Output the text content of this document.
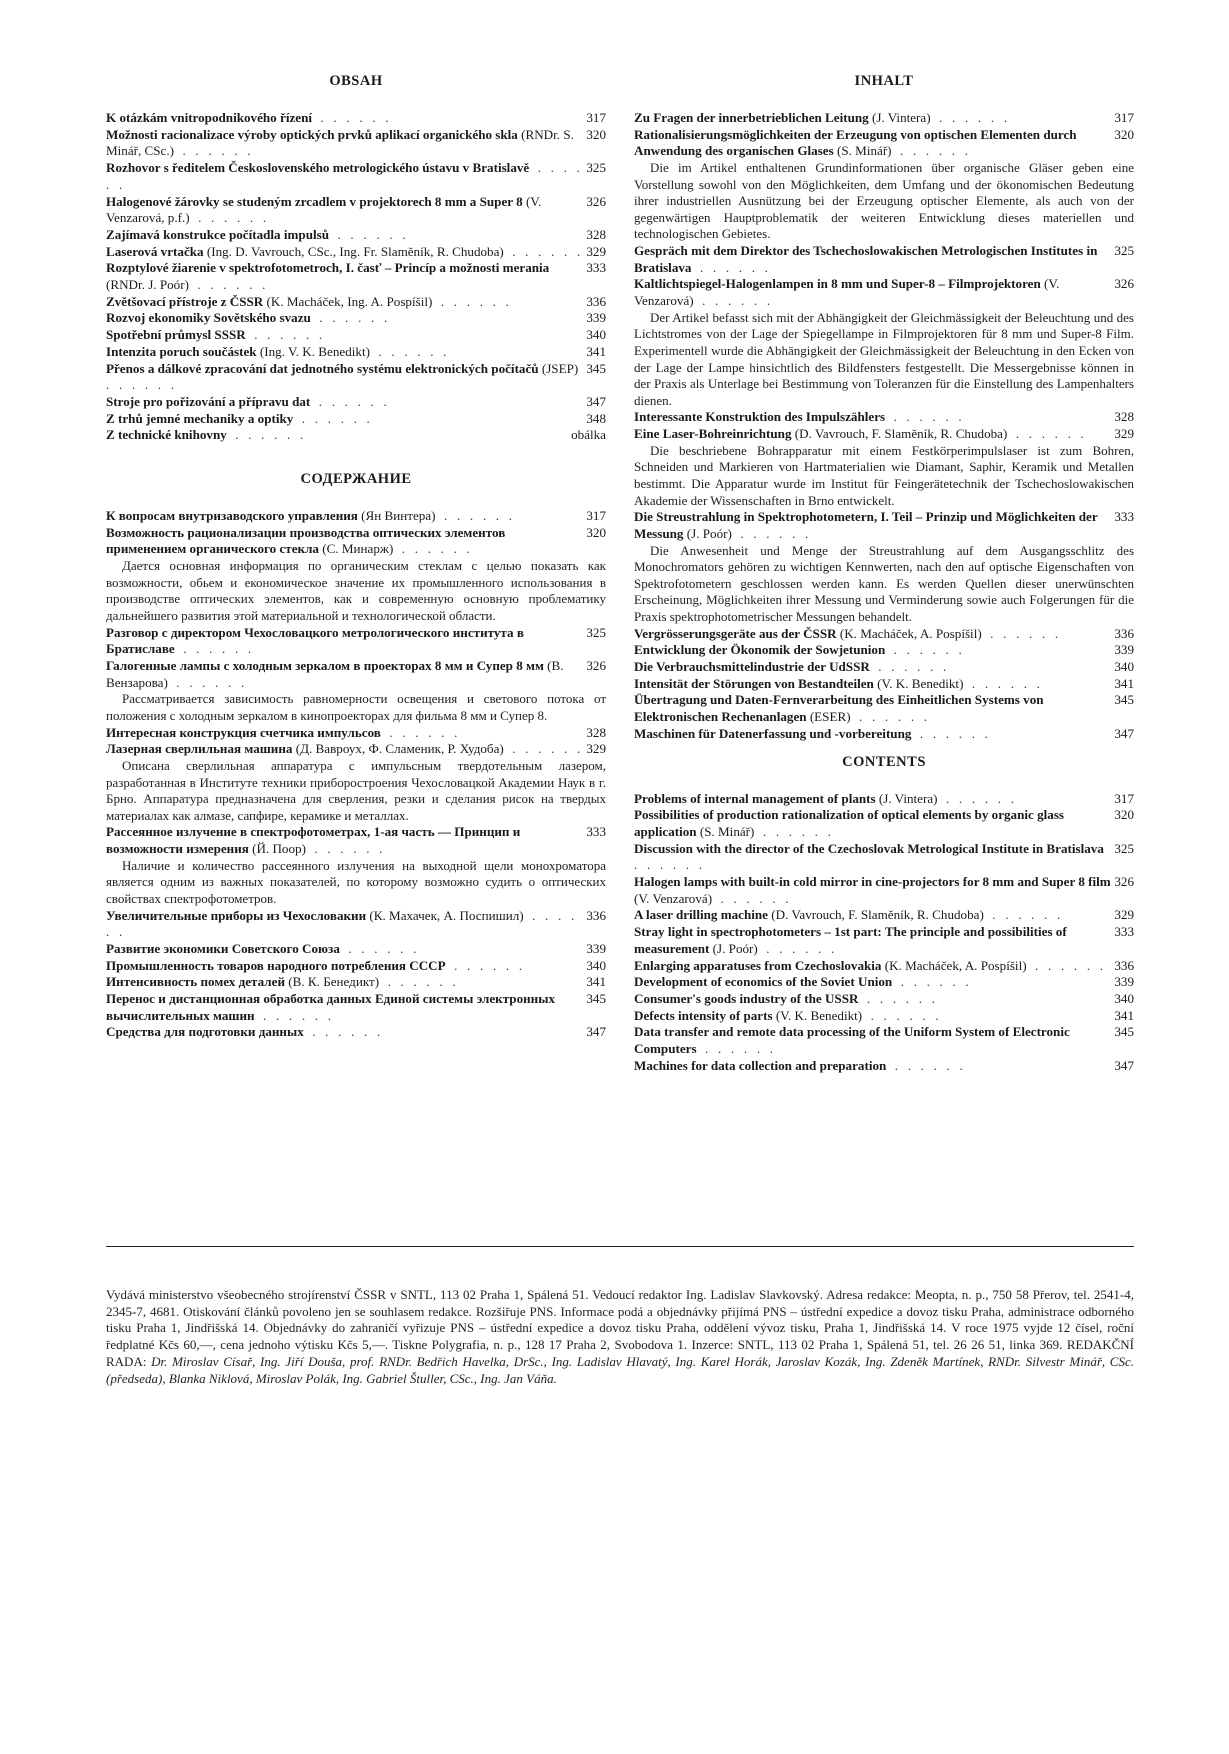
OBSAH
317
K otázkám vnitropodnikového řízení . . . . . .
320
Možnosti racionalizace výroby optických prvků aplikací organického skla (RNDr. S. Minář, CSc.) . . . . . .
325
Rozhovor s ředitelem Československého metrologického ústavu v Bratislavě . . . . . .
326
Halogenové žárovky se studeným zrcadlem v projektorech 8 mm a Super 8 (V. Venzarová, p.f.) . . . . . .
328
Zajímavá konstrukce počítadla impulsů . . . . . .
329
Laserová vrtačka (Ing. D. Vavrouch, CSc., Ing. Fr. Slaměník, R. Chudoba) . . . . . .
333
Rozptylové žiarenie v spektrofotometroch, I. časť – Princíp a možnosti merania (RNDr. J. Poór) . . . . . .
336
Zvětšovací přístroje z ČSSR (K. Macháček, Ing. A. Pospíšil) . . . . . .
339
Rozvoj ekonomiky Sovětského svazu . . . . . .
340
Spotřební průmysl SSSR . . . . . .
341
Intenzita poruch součástek (Ing. V. K. Benedikt) . . . . . .
345
Přenos a dálkové zpracování dat jednotného systému elektronických počítačů (JSEP) . . . . . .
347
Stroje pro pořizování a přípravu dat . . . . . .
348
Z trhů jemné mechaniky a optiky . . . . . .
obálka
Z technické knihovny . . . . . .
СОДЕРЖАНИЕ
317
К вопросам внутризаводского управления (Ян Винтера) . . . . . .
320
Возможность рационализации производства оптических элементов применением органического стекла (С. Минарж) . . . . . .

Дается основная информация по органическим стеклам с целью показать как возможности, обьем и економическое значение их промышленного использования в производстве оптических элементов, как и современную основную проблематику дальнейшего развития этой материальной и технологической области.

325
Разговор с директором Чехословацкого метрологического института в Братиславе . . . . . .
326
Галогенные лампы с холодным зеркалом в проекторах 8 мм и Супер 8 мм (В. Вензарова) . . . . . .

Рассматривается зависимость равномерности освещения и светового потока от положения с холодным зеркалом в кинопроекторах для фильма 8 мм и Супер 8.

328
Интересная конструкция счетчика импульсов . . . . . .
329
Лазерная сверлильная машина (Д. Вавроух, Ф. Сламеник, Р. Худоба) . . . . . .

Описана сверлильная аппаратура с импульсным твердотельным лазером, разработанная в Институте техники приборостроения Чехословацкой Академии Наук в г. Брно. Аппаратура предназначена для сверления, резки и сделания рисок на твердых материалах как алмазе, сапфире, керамике и металлах.

333
Рассеянное излучение в спектрофотометрах, 1-ая часть — Принцип и возможности измерения (Й. Поор) . . . . . .

Наличие и количество рассеянного излучения на выходной щели монохроматора является одним из важных показателей, по которому возможно судить о оптических свойствах спектрофотометров.

336
Увеличительные приборы из Чехословакии (К. Махачек, А. Поспишил) . . . . . .
339
Развитие экономики Советского Союза . . . . . .
340
Промышленность товаров народного потребления СССР . . . . . .
341
Интенсивность помех деталей (В. К. Бенедикт) . . . . . .
345
Перенос и дистанционная обработка данных Единой системы электронных вычислительных машин . . . . . .
347
Средства для подготовки данных . . . . . .
INHALT
317
Zu Fragen der innerbetrieblichen Leitung (J. Vintera) . . . . . .
320
Rationalisierungsmöglichkeiten der Erzeugung von optischen Elementen durch Anwendung des organischen Glases (S. Minář) . . . . . .

Die im Artikel enthaltenen Grundinformationen über organische Gläser geben eine Vorstellung sowohl von den Möglichkeiten, dem Umfang und der ökonomischen Bedeutung ihrer industriellen Ausnützung bei der Erzeugung optischer Elemente, als auch von der gegenwärtigen Hauptproblematik der weiteren Entwicklung dieses materiellen und technologischen Gebietes.

325
Gespräch mit dem Direktor des Tschechoslowakischen Metrologischen Institutes in Bratislava . . . . . .
326
Kaltlichtspiegel-Halogenlampen in 8 mm und Super-8 – Filmprojektoren (V. Venzarová) . . . . . .

Der Artikel befasst sich mit der Abhängigkeit der Gleichmässigkeit der Beleuchtung und des Lichtstromes von der Lage der Spiegellampe in Filmprojektoren für 8 mm und Super-8 Film. Experimentell wurde die Abhängigkeit der Gleichmässigkeit der Beleuchtung in den Ecken von der Lage der Lampe hinsichtlich des Bildfensters festgestellt. Die Messergebnisse können in der Praxis als Unterlage bei Bestimmung von Toleranzen für die Einstellung des Lampenhalters dienen.

328
Interessante Konstruktion des Impulszählers . . . . . .
329
Eine Laser-Bohreinrichtung (D. Vavrouch, F. Slaměník, R. Chudoba) . . . . . .

Die beschriebene Bohrapparatur mit einem Festkörperimpulslaser ist zum Bohren, Schneiden und Markieren von Hartmaterialien wie Diamant, Saphir, Keramik und Metallen bestimmt. Die Apparatur wurde im Institut für Feingerätetechnik der Tschechoslowakischen Akademie der Wissenschaften in Brno entwickelt.

333
Die Streustrahlung in Spektrophotometern, I. Teil – Prinzip und Möglichkeiten der Messung (J. Poór) . . . . . .

Die Anwesenheit und Menge der Streustrahlung auf dem Ausgangsschlitz des Monochromators gehören zu wichtigen Kennwerten, nach den auf optische Eigenschaften von Spektrofotometern geschlossen werden kann. Es werden Quellen dieser unerwünschten Erscheinung, Möglichkeiten ihrer Messung und Verminderung sowie auch Folgerungen für die Praxis spektrophotometrischer Messungen behandelt.

336
Vergrösserungsgeräte aus der ČSSR (K. Macháček, A. Pospíšil) . . . . . .
339
Entwicklung der Ökonomik der Sowjetunion . . . . . .
340
Die Verbrauchsmittelindustrie der UdSSR . . . . . .
341
Intensität der Störungen von Bestandteilen (V. K. Benedikt) . . . . . .
345
Übertragung und Daten-Fernverarbeitung des Einheitlichen Systems von Elektronischen Rechenanlagen (ESER) . . . . . .
347
Maschinen für Datenerfassung und -vorbereitung . . . . . .
CONTENTS
317
Problems of internal management of plants (J. Vintera) . . . . . .
320
Possibilities of production rationalization of optical elements by organic glass application (S. Minář) . . . . . .
325
Discussion with the director of the Czechoslovak Metrological Institute in Bratislava . . . . . .
326
Halogen lamps with built-in cold mirror in cine-projectors for 8 mm and Super 8 film (V. Venzarová) . . . . . .
329
A laser drilling machine (D. Vavrouch, F. Slaměník, R. Chudoba) . . . . . .
333
Stray light in spectrophotometers – 1st part: The principle and possibilities of measurement (J. Poór) . . . . . .
336
Enlarging apparatuses from Czechoslovakia (K. Macháček, A. Pospíšil) . . . . . .
339
Development of economics of the Soviet Union . . . . . .
340
Consumer's goods industry of the USSR . . . . . .
341
Defects intensity of parts (V. K. Benedikt) . . . . . .
345
Data transfer and remote data processing of the Uniform System of Electronic Computers . . . . . .
347
Machines for data collection and preparation . . . . . .
Vydává ministerstvo všeobecného strojírenství ČSSR v SNTL, 113 02 Praha 1, Spálená 51. Vedoucí redaktor Ing. Ladislav Slavkovský. Adresa redakce: Meopta, n. p., 750 58 Přerov, tel. 2541-4, 2345-7, 4681. Otiskování článků povoleno jen se souhlasem redakce. Rozšiřuje PNS. Informace podá a objednávky přijímá PNS – ústřední expedice a dovoz tisku Praha, administrace odborného tisku Praha 1, Jindřišská 14. Objednávky do zahraničí vyřizuje PNS – ústřední expedice a dovoz tisku Praha, oddělení vývoz tisku, Praha 1, Jindřišská 14. V roce 1975 vyjde 12 čísel, roční ředplatné Kčs 60,—, cena jednoho výtisku Kčs 5,—. Tiskne Polygrafia, n. p., 128 17 Praha 2, Svobodova 1. Inzerce: SNTL, 113 02 Praha 1, Spálená 51, tel. 26 26 51, linka 369. REDAKČNÍ RADA: Dr. Miroslav Císař, Ing. Jiří Douša, prof. RNDr. Bedřich Havelka, DrSc., Ing. Ladislav Hlavatý, Ing. Karel Horák, Jaroslav Kozák, Ing. Zdeněk Martínek, RNDr. Silvestr Minář, CSc. (předseda), Blanka Niklová, Miroslav Polák, Ing. Gabriel Štuller, CSc., Ing. Jan Váňa.
